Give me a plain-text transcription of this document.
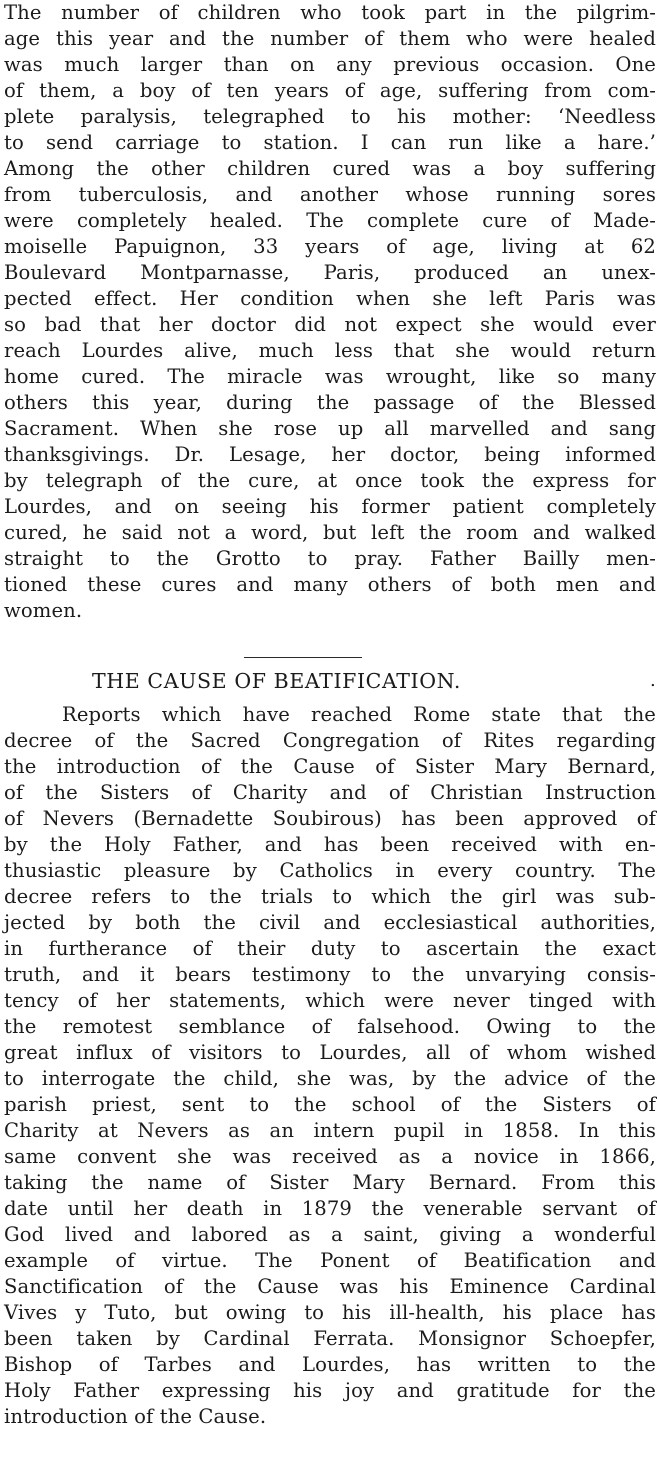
The number of children who took part in the pilgrim-
age this year and the number of them who were healed
was much larger than on any previous occasion. One
of them, a boy of ten years of age, suffering from com-
plete paralysis, telegraphed to his mother: ‘Needless
to send carriage to station. I can run like a hare.’
Among the other children cured was a boy suffering
from tuberculosis, and another whose running sores
were completely healed. The complete cure of Made-
moiselle Papuignon, 33 years of age, living at 62
Boulevard Montparnasse, Paris, produced an unex-
pected effect. Her condition when she left Paris was
so bad that her doctor did not expect she would ever
reach Lourdes alive, much less that she would return
home cured. The miracle was wrought, like so many
others this year, during the passage of the Blessed
Sacrament. When she rose up all marvelled and sang
thanksgivings. Dr. Lesage, her doctor, being informed
by telegraph of the cure, at once took the express for
Lourdes, and on seeing his former patient completely
cured, he said not a word, but left the room and walked
straight to the Grotto to pray. Father Bailly men-
tioned these cures and many others of both men and
women.
THE CAUSE OF BEATIFICATION.	.
Reports which have reached Rome state that the
decree of the Sacred Congregation of Rites regarding
the introduction of the Cause of Sister Mary Bernard,
of the Sisters of Charity and of Christian Instruction
of Nevers (Bernadette Soubirous) has been approved of
by the Holy Father, and has been received with en-
thusiastic pleasure by Catholics in every country. The
decree refers to the trials to which the girl was sub-
jected by both the civil and ecclesiastical authorities,
in furtherance of their duty to ascertain the exact
truth, and it bears testimony to the unvarying consis-
tency of her statements, which were never tinged with
the remotest semblance of falsehood. Owing to the
great influx of visitors to Lourdes, all of whom wished
to interrogate the child, she was, by the advice of the
parish priest, sent to the school of the Sisters of
Charity at Nevers as an intern pupil in 1858. In this
same convent she was received as a novice in 1866,
taking the name of Sister Mary Bernard. From this
date until her death in 1879 the venerable servant of
God lived and labored as a saint, giving a wonderful
example of virtue. The Ponent of Beatification and
Sanctification of the Cause was his Eminence Cardinal
Vives y Tuto, but owing to his ill-health, his place has
been taken by Cardinal Ferrata. Monsignor Schoepfer,
Bishop of Tarbes and Lourdes, has written to the
Holy Father expressing his joy and gratitude for the
introduction of the Cause.
